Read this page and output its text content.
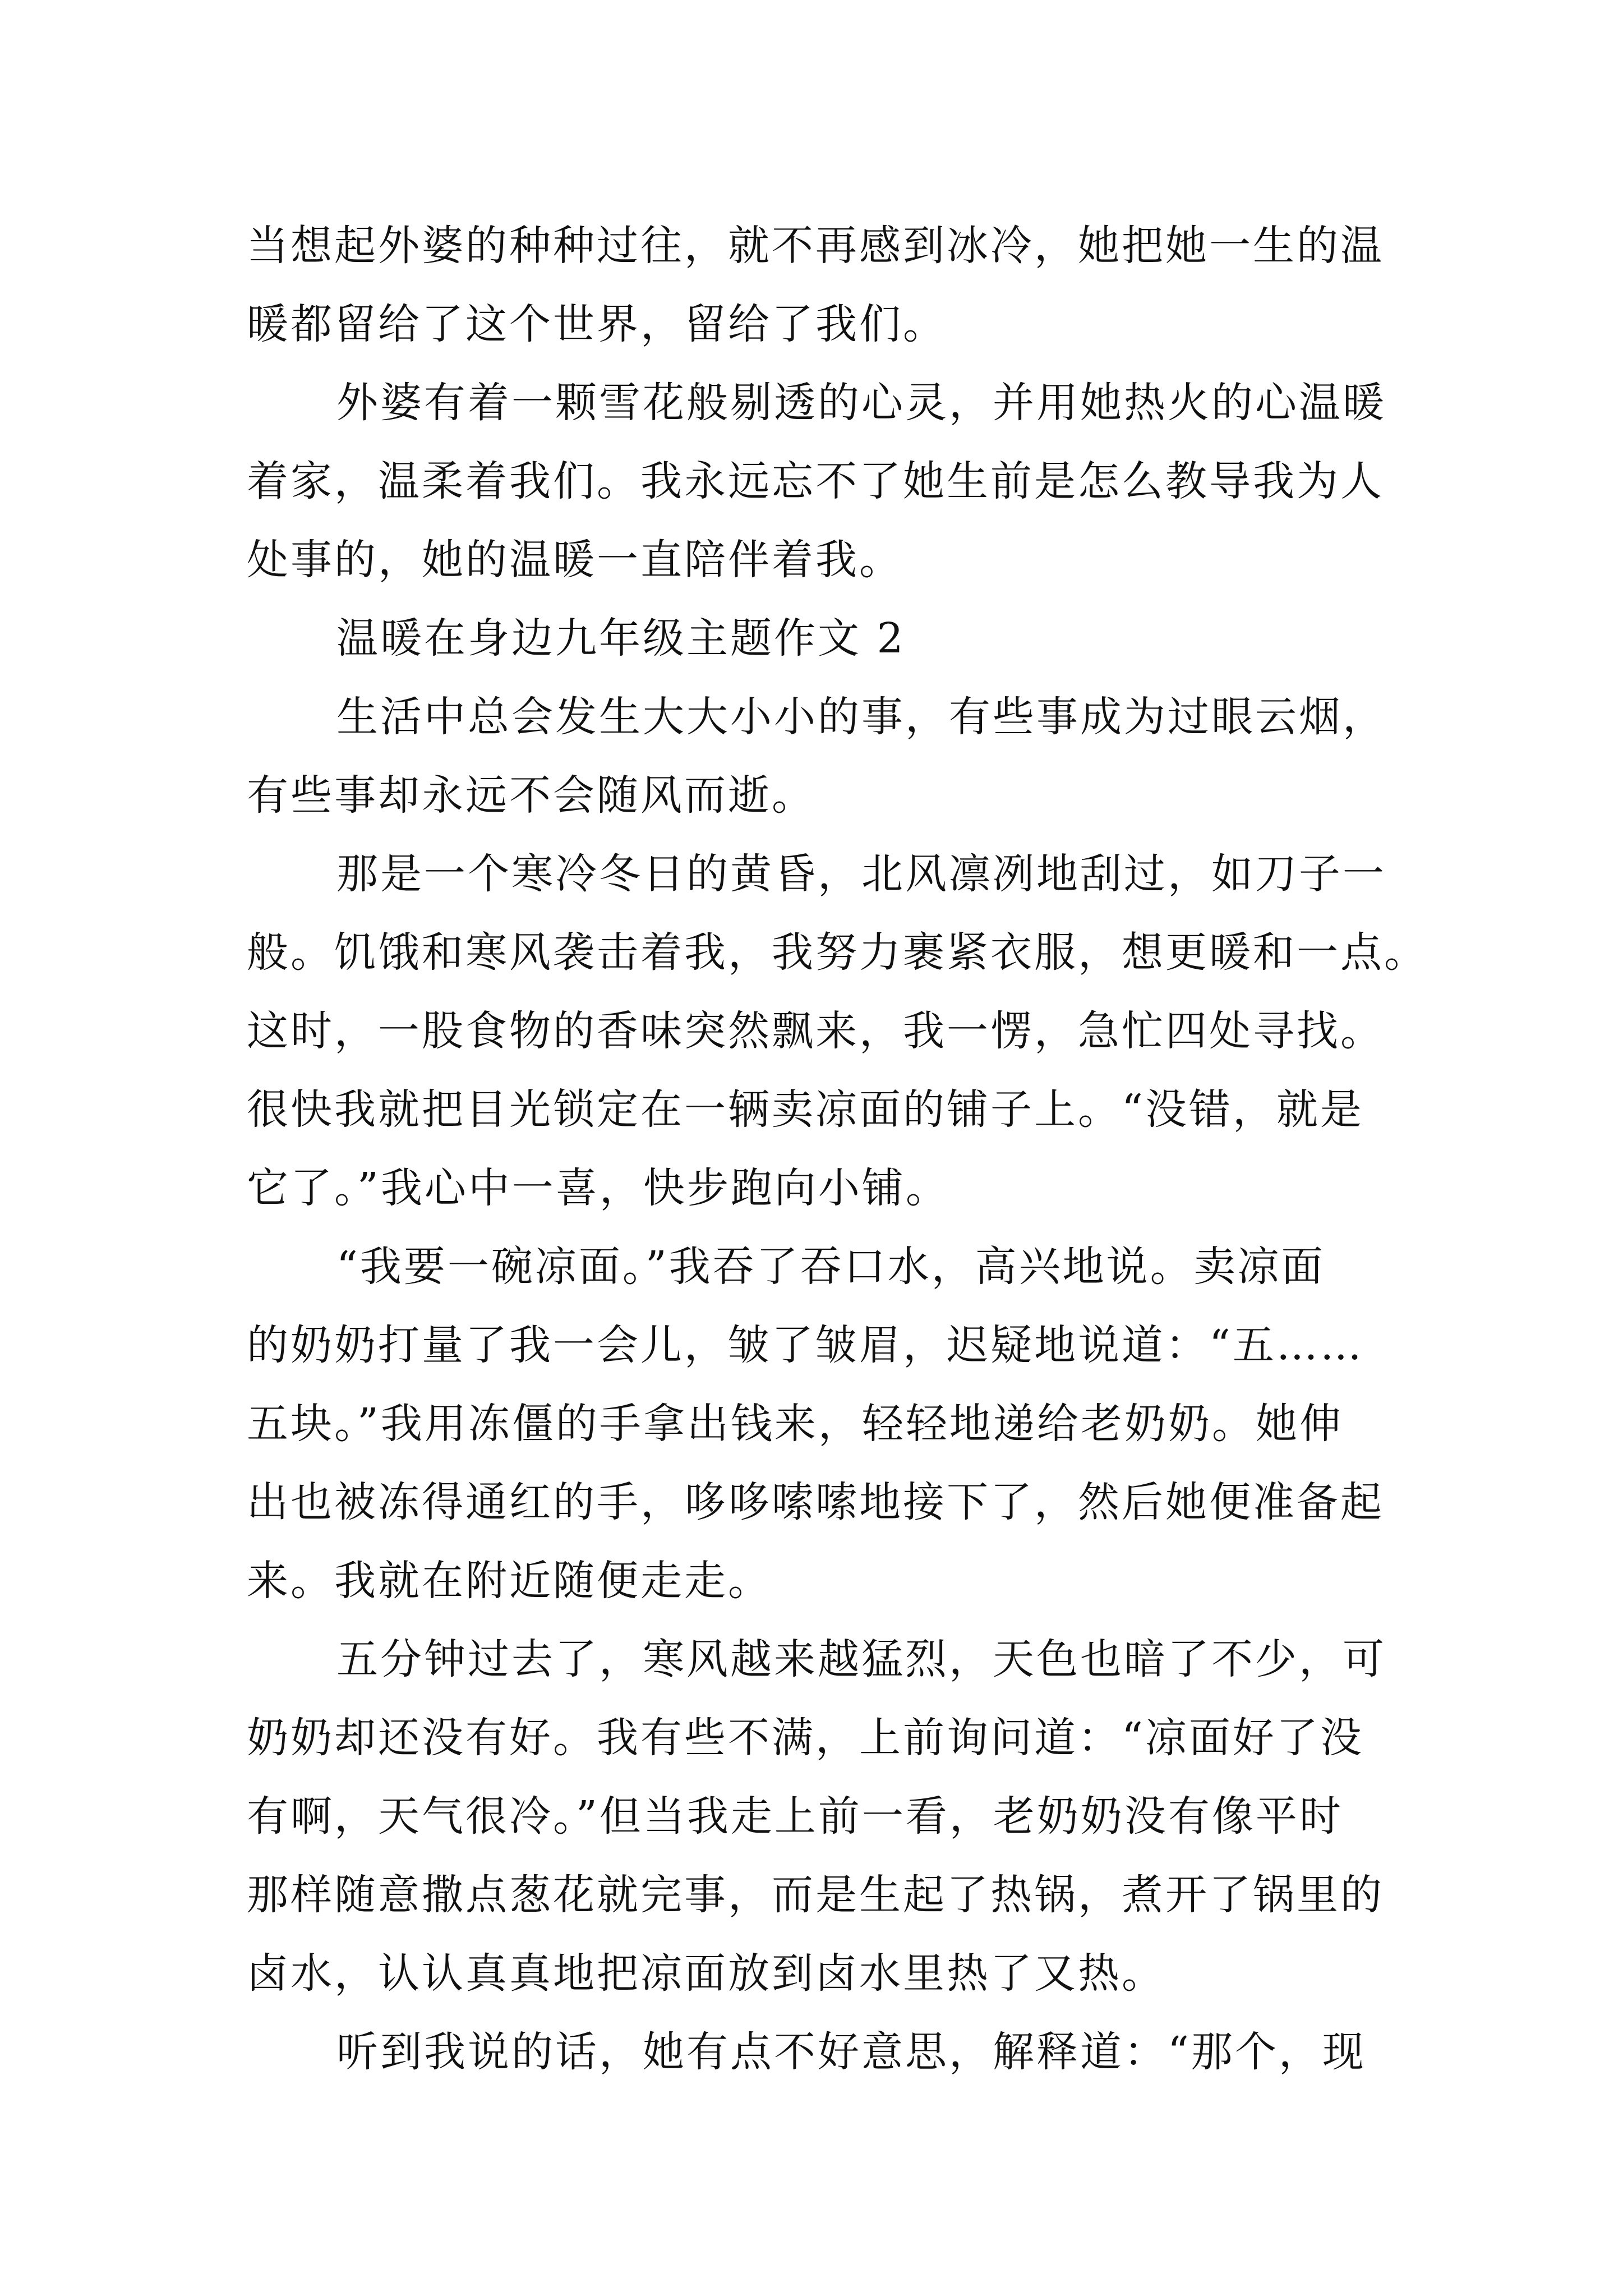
当想起外婆的种种过往，就不再感到冰冷，她把她一生的温
暖都留给了这个世界，留给了我们。
外婆有着一颗雪花般剔透的心灵，并用她热火的心温暖
着家，温柔着我们。我永远忘不了她生前是怎么教导我为人
处事的，她的温暖一直陪伴着我。
温暖在身边九年级主题作文 2
生活中总会发生大大小小的事，有些事成为过眼云烟，
有些事却永远不会随风而逝。
那是一个寒冷冬日的黄昏，北风凛冽地刮过，如刀子一
般。饥饿和寒风袭击着我，我努力裹紧衣服，想更暖和一点。
这时，一股食物的香味突然飘来，我一愣，急忙四处寻找。
很快我就把目光锁定在一辆卖凉面的铺子上。“没错，就是
它了。”我心中一喜，快步跑向小铺。
“我要一碗凉面。”我吞了吞口水，高兴地说。卖凉面
的奶奶打量了我一会儿，皱了皱眉，迟疑地说道：“五……
五块。”我用冻僵的手拿出钱来，轻轻地递给老奶奶。她伸
出也被冻得通红的手，哆哆嗦嗦地接下了，然后她便准备起
来。我就在附近随便走走。
五分钟过去了，寒风越来越猛烈，天色也暗了不少，可
奶奶却还没有好。我有些不满，上前询问道：“凉面好了没
有啊，天气很冷。”但当我走上前一看，老奶奶没有像平时
那样随意撒点葱花就完事，而是生起了热锅，煮开了锅里的
卤水，认认真真地把凉面放到卤水里热了又热。
听到我说的话，她有点不好意思，解释道：“那个，现
